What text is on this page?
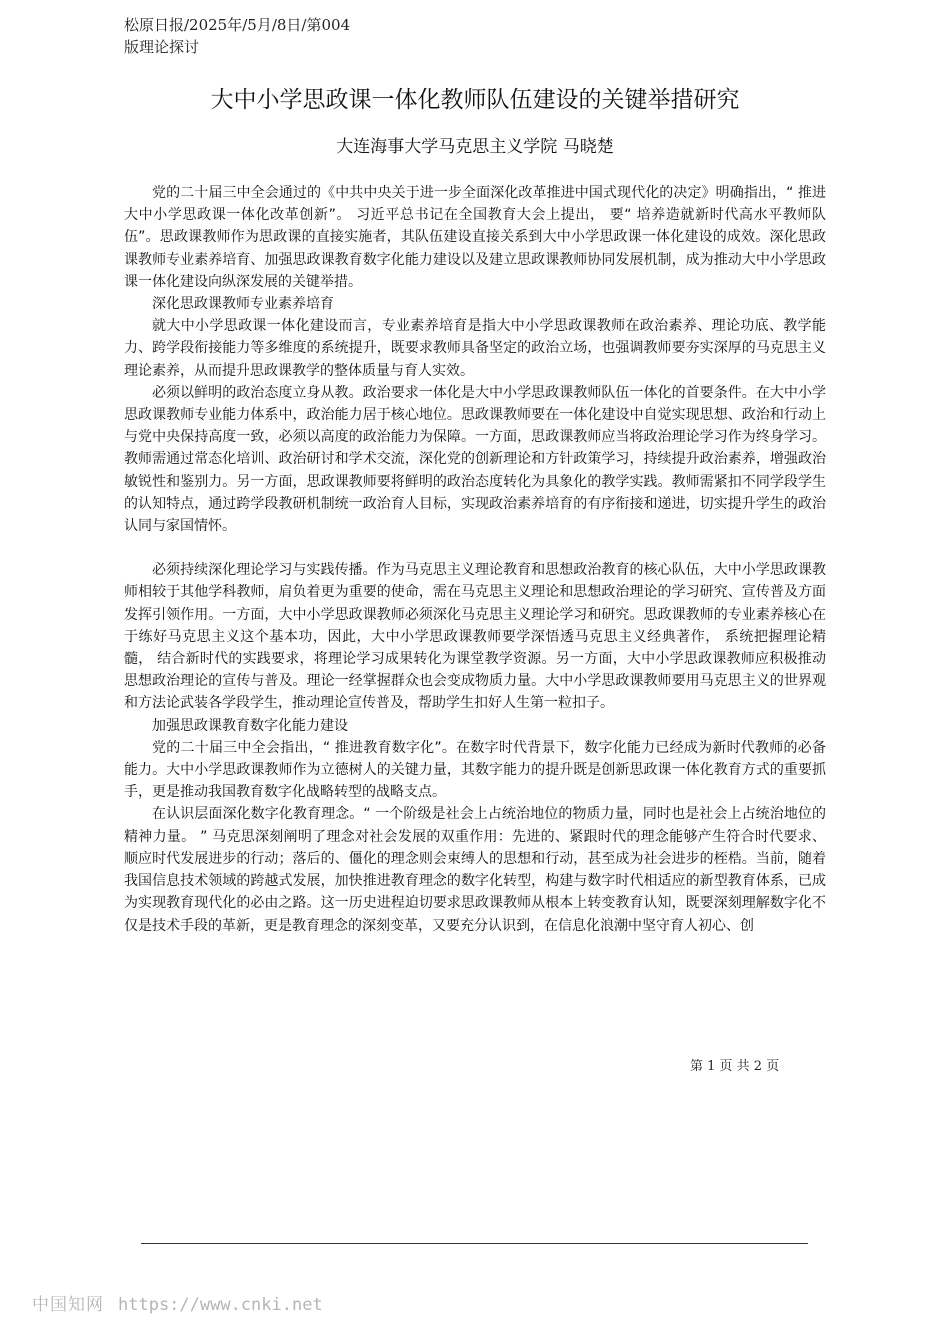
松原日报/2025年/5月/8日/第004
版理论探讨
大中小学思政课一体化教师队伍建设的关键举措研究
大连海事大学马克思主义学院 马晓楚

党的二十届三中全会通过的《中共中央关于进一步全面深化改革推进中国式现代化的决定》明确指出，“ 推进大中小学思政课一体化改革创新”。 习近平总书记在全国教育大会上提出， 要“ 培养造就新时代高水平教师队伍”。思政课教师作为思政课的直接实施者，其队伍建设直接关系到大中小学思政课一体化建设的成效。深化思政课教师专业素养培育、加强思政课教育数字化能力建设以及建立思政课教师协同发展机制，成为推动大中小学思政课一体化建设向纵深发展的关键举措。

深化思政课教师专业素养培育

就大中小学思政课一体化建设而言，专业素养培育是指大中小学思政课教师在政治素养、理论功底、教学能力、跨学段衔接能力等多维度的系统提升，既要求教师具备坚定的政治立场，也强调教师要夯实深厚的马克思主义理论素养，从而提升思政课教学的整体质量与育人实效。

必须以鲜明的政治态度立身从教。政治要求一体化是大中小学思政课教师队伍一体化的首要条件。在大中小学思政课教师专业能力体系中，政治能力居于核心地位。思政课教师要在一体化建设中自觉实现思想、政治和行动上与党中央保持高度一致，必须以高度的政治能力为保障。一方面，思政课教师应当将政治理论学习作为终身学习。教师需通过常态化培训、政治研讨和学术交流，深化党的创新理论和方针政策学习，持续提升政治素养，增强政治敏锐性和鉴别力。另一方面，思政课教师要将鲜明的政治态度转化为具象化的教学实践。教师需紧扣不同学段学生的认知特点，通过跨学段教研机制统一政治育人目标，实现政治素养培育的有序衔接和递进，切实提升学生的政治认同与家国情怀。

必须持续深化理论学习与实践传播。作为马克思主义理论教育和思想政治教育的核心队伍，大中小学思政课教师相较于其他学科教师，肩负着更为重要的使命，需在马克思主义理论和思想政治理论的学习研究、宣传普及方面发挥引领作用。一方面，大中小学思政课教师必须深化马克思主义理论学习和研究。思政课教师的专业素养核心在于练好马克思主义这个基本功，因此，大中小学思政课教师要学深悟透马克思主义经典著作， 系统把握理论精髓， 结合新时代的实践要求，将理论学习成果转化为课堂教学资源。另一方面，大中小学思政课教师应积极推动思想政治理论的宣传与普及。理论一经掌握群众也会变成物质力量。大中小学思政课教师要用马克思主义的世界观和方法论武装各学段学生，推动理论宣传普及，帮助学生扣好人生第一粒扣子。

加强思政课教育数字化能力建设

党的二十届三中全会指出，“ 推进教育数字化”。在数字时代背景下，数字化能力已经成为新时代教师的必备能力。大中小学思政课教师作为立德树人的关键力量，其数字能力的提升既是创新思政课一体化教育方式的重要抓手，更是推动我国教育数字化战略转型的战略支点。

在认识层面深化数字化教育理念。“ 一个阶级是社会上占统治地位的物质力量，同时也是社会上占统治地位的精神力量。 ” 马克思深刻阐明了理念对社会发展的双重作用：先进的、紧跟时代的理念能够产生符合时代要求、顺应时代发展进步的行动；落后的、僵化的理念则会束缚人的思想和行动，甚至成为社会进步的桎梏。当前，随着我国信息技术领域的跨越式发展，加快推进教育理念的数字化转型，构建与数字时代相适应的新型教育体系，已成为实现教育现代化的必由之路。这一历史进程迫切要求思政课教师从根本上转变教育认知，既要深刻理解数字化不仅是技术手段的革新，更是教育理念的深刻变革，又要充分认识到，在信息化浪潮中坚守育人初心、创

第 1 页 共 2 页
中国知网 https://www.cnki.net
